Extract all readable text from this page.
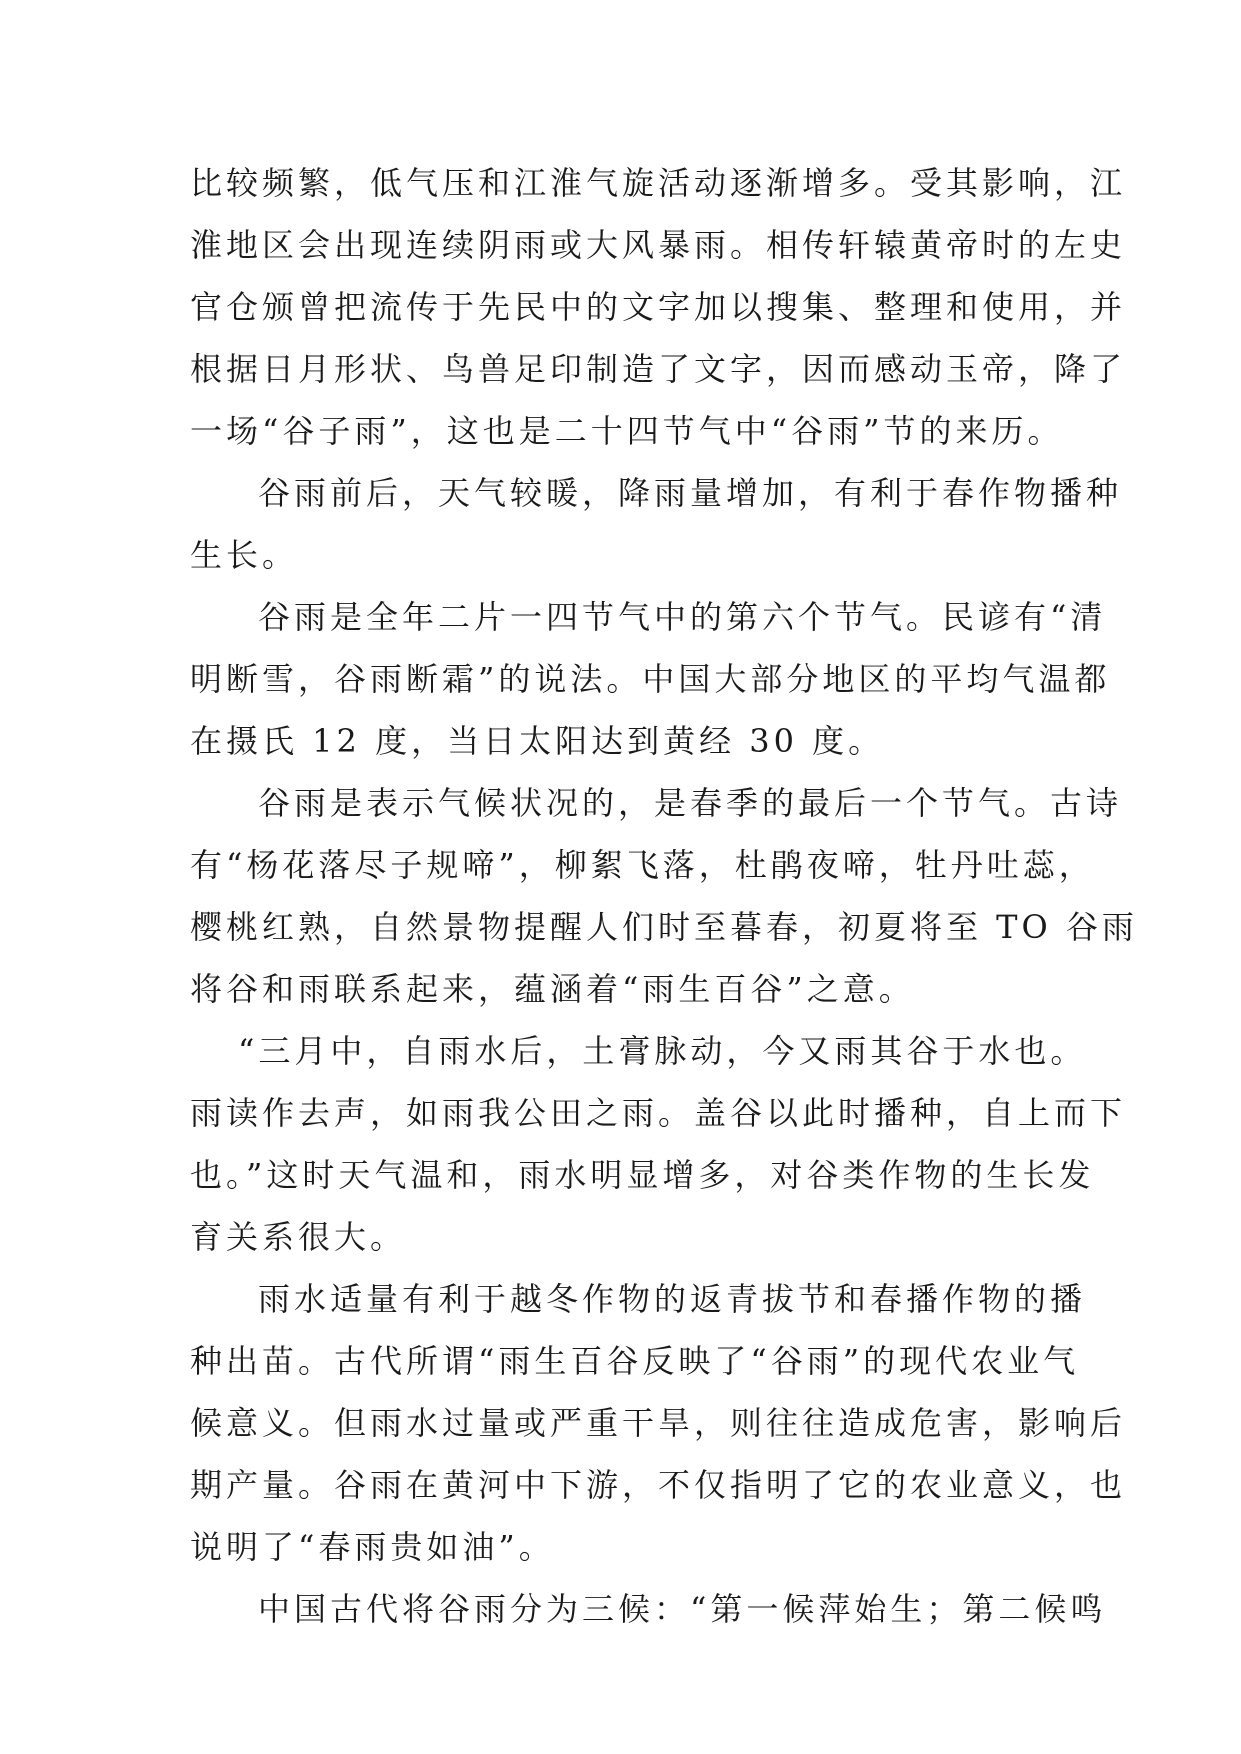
比较频繁，低气压和江淮气旋活动逐渐增多。受其影响，江
淮地区会出现连续阴雨或大风暴雨。相传轩辕黄帝时的左史
官仓颁曾把流传于先民中的文字加以搜集、整理和使用，并
根据日月形状、鸟兽足印制造了文字，因而感动玉帝，降了
一场“谷子雨”，这也是二十四节气中“谷雨”节的来历。
谷雨前后，天气较暖，降雨量增加，有利于春作物播种
生长。
谷雨是全年二片一四节气中的第六个节气。民谚有“清
明断雪，谷雨断霜”的说法。中国大部分地区的平均气温都
在摄氏 12 度，当日太阳达到黄经 30 度。
谷雨是表示气候状况的，是春季的最后一个节气。古诗
有“杨花落尽子规啼”，柳絮飞落，杜鹃夜啼，牡丹吐蕊，
樱桃红熟，自然景物提醒人们时至暮春，初夏将至 TO 谷雨
将谷和雨联系起来，蕴涵着“雨生百谷”之意。
“三月中，自雨水后，土膏脉动，今又雨其谷于水也。
雨读作去声，如雨我公田之雨。盖谷以此时播种，自上而下
也。”这时天气温和，雨水明显增多，对谷类作物的生长发
育关系很大。
雨水适量有利于越冬作物的返青拔节和春播作物的播
种出苗。古代所谓“雨生百谷反映了“谷雨”的现代农业气
候意义。但雨水过量或严重干旱，则往往造成危害，影响后
期产量。谷雨在黄河中下游，不仅指明了它的农业意义，也
说明了“春雨贵如油”。
中国古代将谷雨分为三候：“第一候萍始生；第二候鸣
